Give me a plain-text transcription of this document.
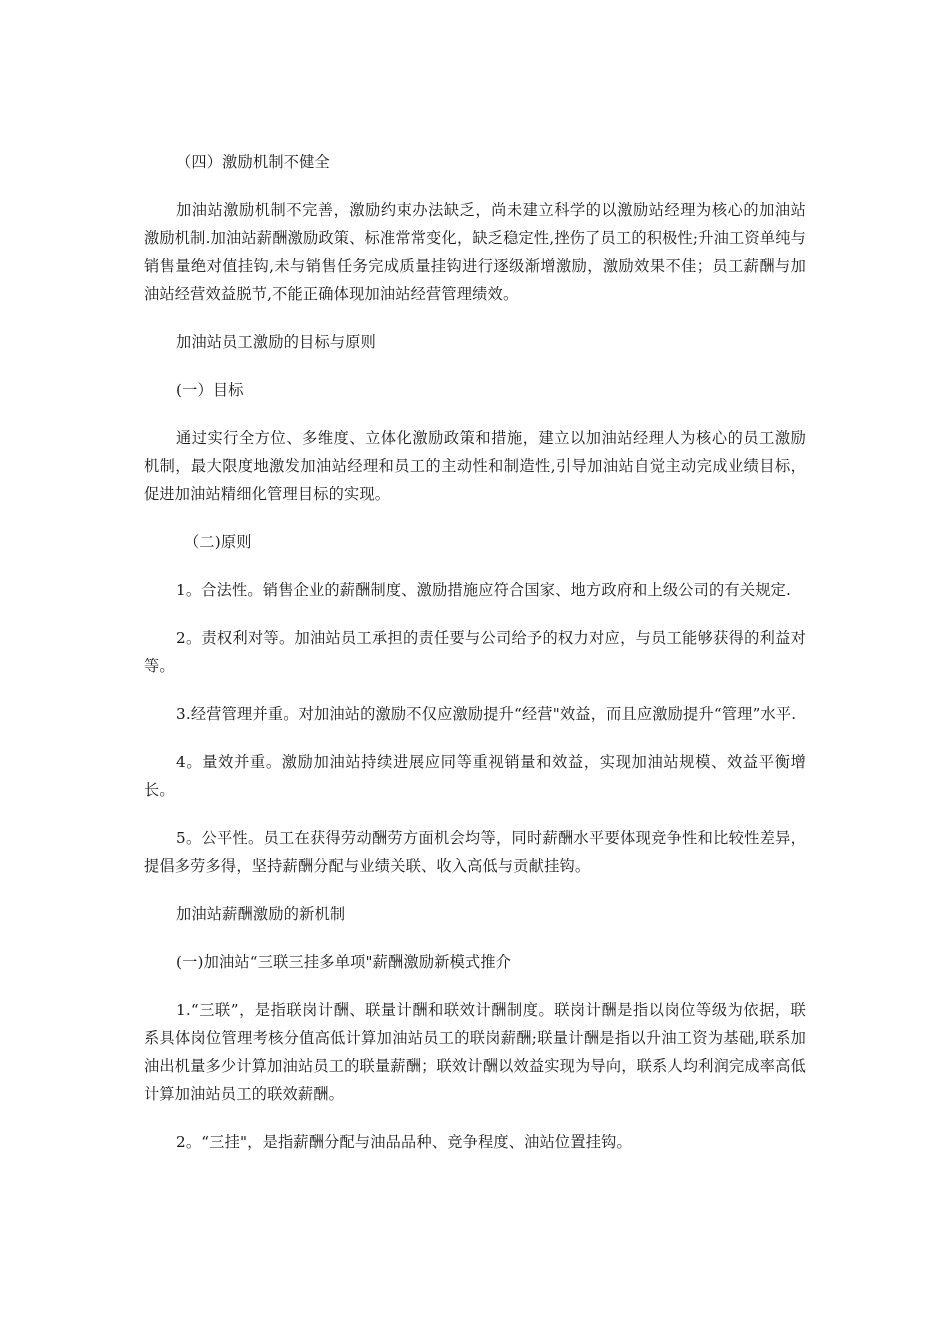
（四）激励机制不健全

加油站激励机制不完善，激励约束办法缺乏，尚未建立科学的以激励站经理为核心的加油站激励机制.加油站薪酬激励政策、标准常常变化，缺乏稳定性,挫伤了员工的积极性;升油工资单纯与销售量绝对值挂钩,未与销售任务完成质量挂钩进行逐级渐增激励，激励效果不佳；员工薪酬与加油站经营效益脱节,不能正确体现加油站经营管理绩效。

加油站员工激励的目标与原则

(一）目标

通过实行全方位、多维度、立体化激励政策和措施，建立以加油站经理人为核心的员工激励机制，最大限度地激发加油站经理和员工的主动性和制造性,引导加油站自觉主动完成业绩目标，促进加油站精细化管理目标的实现。

（二)原则

1。合法性。销售企业的薪酬制度、激励措施应符合国家、地方政府和上级公司的有关规定.

2。责权利对等。加油站员工承担的责任要与公司给予的权力对应，与员工能够获得的利益对等。

3.经营管理并重。对加油站的激励不仅应激励提升“经营"效益，而且应激励提升“管理”水平.

4。量效并重。激励加油站持续进展应同等重视销量和效益，实现加油站规模、效益平衡增长。

5。公平性。员工在获得劳动酬劳方面机会均等，同时薪酬水平要体现竞争性和比较性差异，提倡多劳多得，坚持薪酬分配与业绩关联、收入高低与贡献挂钩。

加油站薪酬激励的新机制

(一)加油站“三联三挂多单项"薪酬激励新模式推介

1.“三联”，是指联岗计酬、联量计酬和联效计酬制度。联岗计酬是指以岗位等级为依据，联系具体岗位管理考核分值高低计算加油站员工的联岗薪酬;联量计酬是指以升油工资为基础,联系加油出机量多少计算加油站员工的联量薪酬；联效计酬以效益实现为导向，联系人均利润完成率高低计算加油站员工的联效薪酬。

2。“三挂"，是指薪酬分配与油品品种、竞争程度、油站位置挂钩。
